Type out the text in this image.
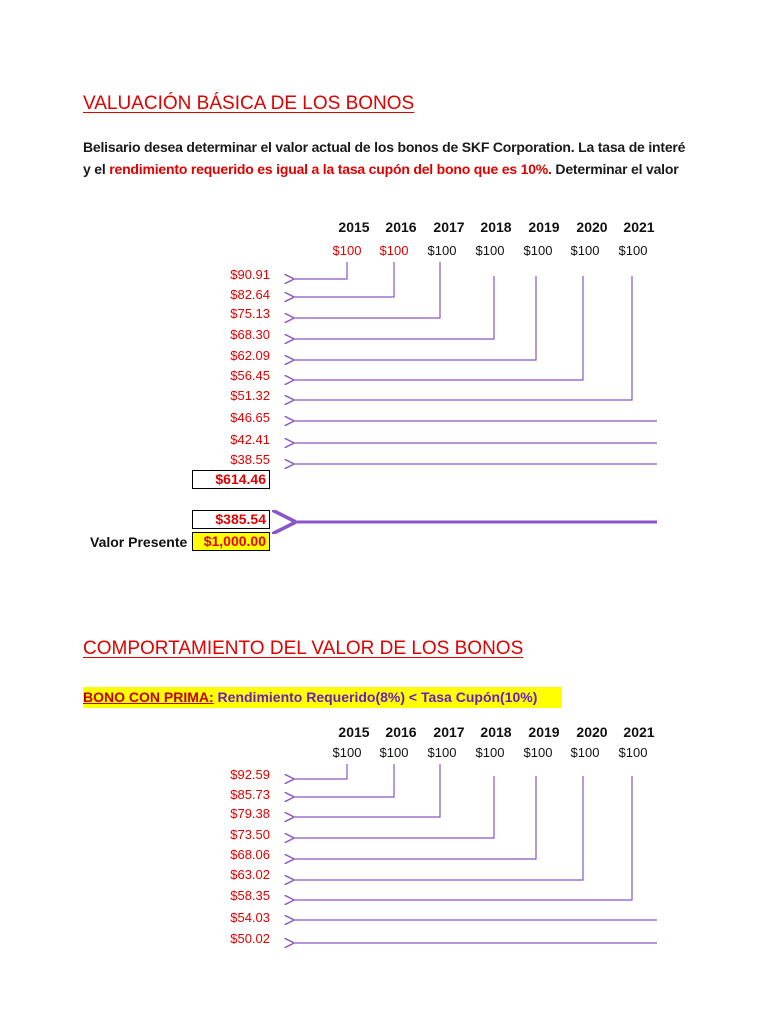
VALUACIÓN BÁSICA DE LOS BONOS
Belisario desea determinar el valor actual de los bonos de SKF Corporation. La tasa de interé
y el rendimiento requerido es igual a la tasa cupón del bono que es 10%. Determinar el valor
2015	2016	2017	2018	2019	2020	2021
$100	$100	$100	$100	$100	$100	$100
$90.91
$82.64
$75.13
$68.30
$62.09
$56.45
$51.32
$46.65
$42.41
$38.55
$614.46
$385.54
Valor Presente	$1,000.00
COMPORTAMIENTO DEL VALOR DE LOS BONOS
BONO CON PRIMA: Rendimiento Requerido(8%) < Tasa Cupón(10%)
2015	2016	2017	2018	2019	2020	2021
$100	$100	$100	$100	$100	$100	$100
$92.59
$85.73
$79.38
$73.50
$68.06
$63.02
$58.35
$54.03
$50.02
